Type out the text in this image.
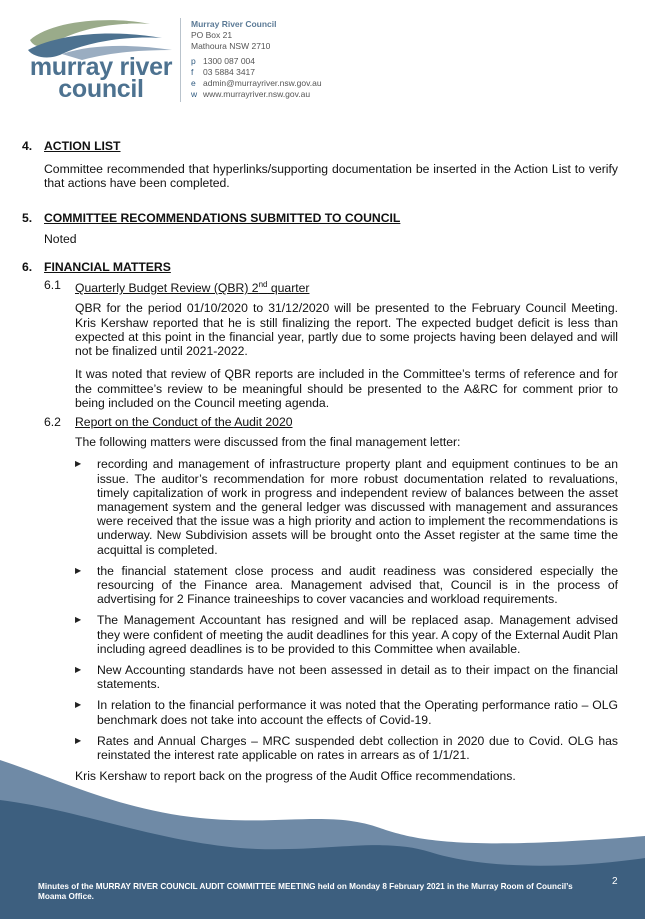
murray river
council
Murray River Council
PO Box 21
Mathoura NSW 2710
p 1300 087 004
f	03 5884 3417
e admin@murrayriver.nsw.gov.au
w www.murrayriver.nsw.gov.au
4. ACTION LIST

Committee recommended that hyperlinks/supporting documentation be inserted in the Action List to verify that actions have been completed.

5. COMMITTEE RECOMMENDATIONS SUBMITTED TO COUNCIL

Noted

6. FINANCIAL MATTERS
6.1	Quarterly Budget Review (QBR) 2nd quarter

QBR for the period 01/10/2020 to 31/12/2020 will be presented to the February Council Meeting. Kris Kershaw reported that he is still finalizing the report. The expected budget deficit is less than expected at this point in the financial year, partly due to some projects having been delayed and will not be finalized until 2021-2022.

It was noted that review of QBR reports are included in the Committee’s terms of reference and for the committee’s review to be meaningful should be presented to the A&RC for comment prior to being included on the Council meeting agenda.

6.2	Report on the Conduct of the Audit 2020

The following matters were discussed from the final management letter:

▶	recording and management of infrastructure property plant and equipment continues to be an issue. The auditor’s recommendation for more robust documentation related to revaluations, timely capitalization of work in progress and independent review of balances between the asset management system and the general ledger was discussed with management and assurances were received that the issue was a high priority and action to implement the recommendations is underway. New Subdivision assets will be brought onto the Asset register at the same time the acquittal is completed.
▶	the financial statement close process and audit readiness was considered especially the resourcing of the Finance area. Management advised that, Council is in the process of advertising for 2 Finance traineeships to cover vacancies and workload requirements.
▶	The Management Accountant has resigned and will be replaced asap. Management advised they were confident of meeting the audit deadlines for this year. A copy of the External Audit Plan including agreed deadlines is to be provided to this Committee when available.
▶	New Accounting standards have not been assessed in detail as to their impact on the financial statements.
▶	In relation to the financial performance it was noted that the Operating performance ratio – OLG benchmark does not take into account the effects of Covid-19.
▶	Rates and Annual Charges – MRC suspended debt collection in 2020 due to Covid. OLG has reinstated the interest rate applicable on rates in arrears as of 1/1/21.

Kris Kershaw to report back on the progress of the Audit Office recommendations.

2
Minutes of the MURRAY RIVER COUNCIL AUDIT COMMITTEE MEETING held on Monday 8 February 2021 in the Murray Room of Council’s Moama Office.
